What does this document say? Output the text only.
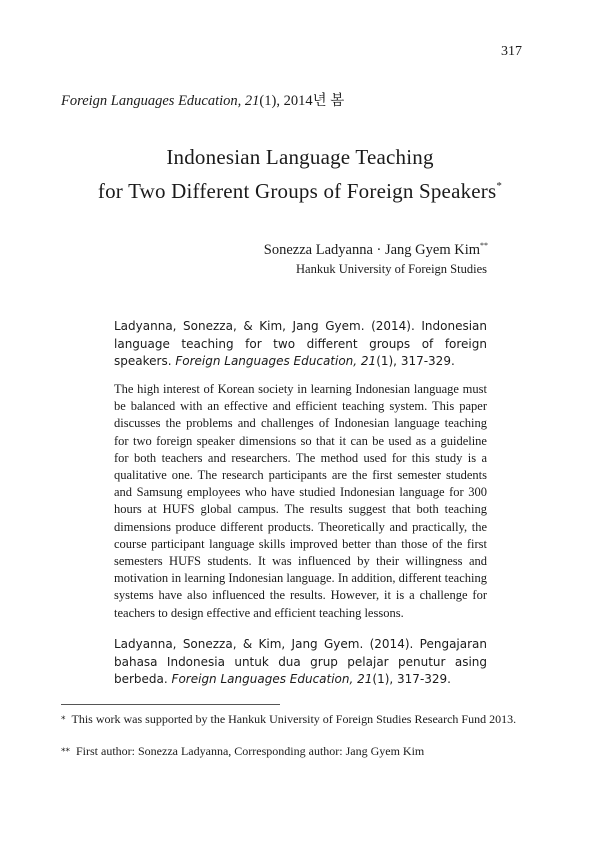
317
Foreign Languages Education, 21(1), 2014년 봄
Indonesian Language Teaching
for Two Different Groups of Foreign Speakers*
Sonezza Ladyanna · Jang Gyem Kim**
Hankuk University of Foreign Studies
Ladyanna, Sonezza, & Kim, Jang Gyem. (2014). Indonesian language teaching for two different groups of foreign speakers. Foreign Languages Education, 21(1), 317-329.
The high interest of Korean society in learning Indonesian language must be balanced with an effective and efficient teaching system. This paper discusses the problems and challenges of Indonesian language teaching for two foreign speaker dimensions so that it can be used as a guideline for both teachers and researchers. The method used for this study is a qualitative one. The research participants are the first semester students and Samsung employees who have studied Indonesian language for 300 hours at HUFS global campus. The results suggest that both teaching dimensions produce different products. Theoretically and practically, the course participant language skills improved better than those of the first semesters HUFS students. It was influenced by their willingness and motivation in learning Indonesian language. In addition, different teaching systems have also influenced the results. However, it is a challenge for teachers to design effective and efficient teaching lessons.
Ladyanna, Sonezza, & Kim, Jang Gyem. (2014). Pengajaran bahasa Indonesia untuk dua grup pelajar penutur asing berbeda. Foreign Languages Education, 21(1), 317-329.
* This work was supported by the Hankuk University of Foreign Studies Research Fund 2013.
** First author: Sonezza Ladyanna, Corresponding author: Jang Gyem Kim
